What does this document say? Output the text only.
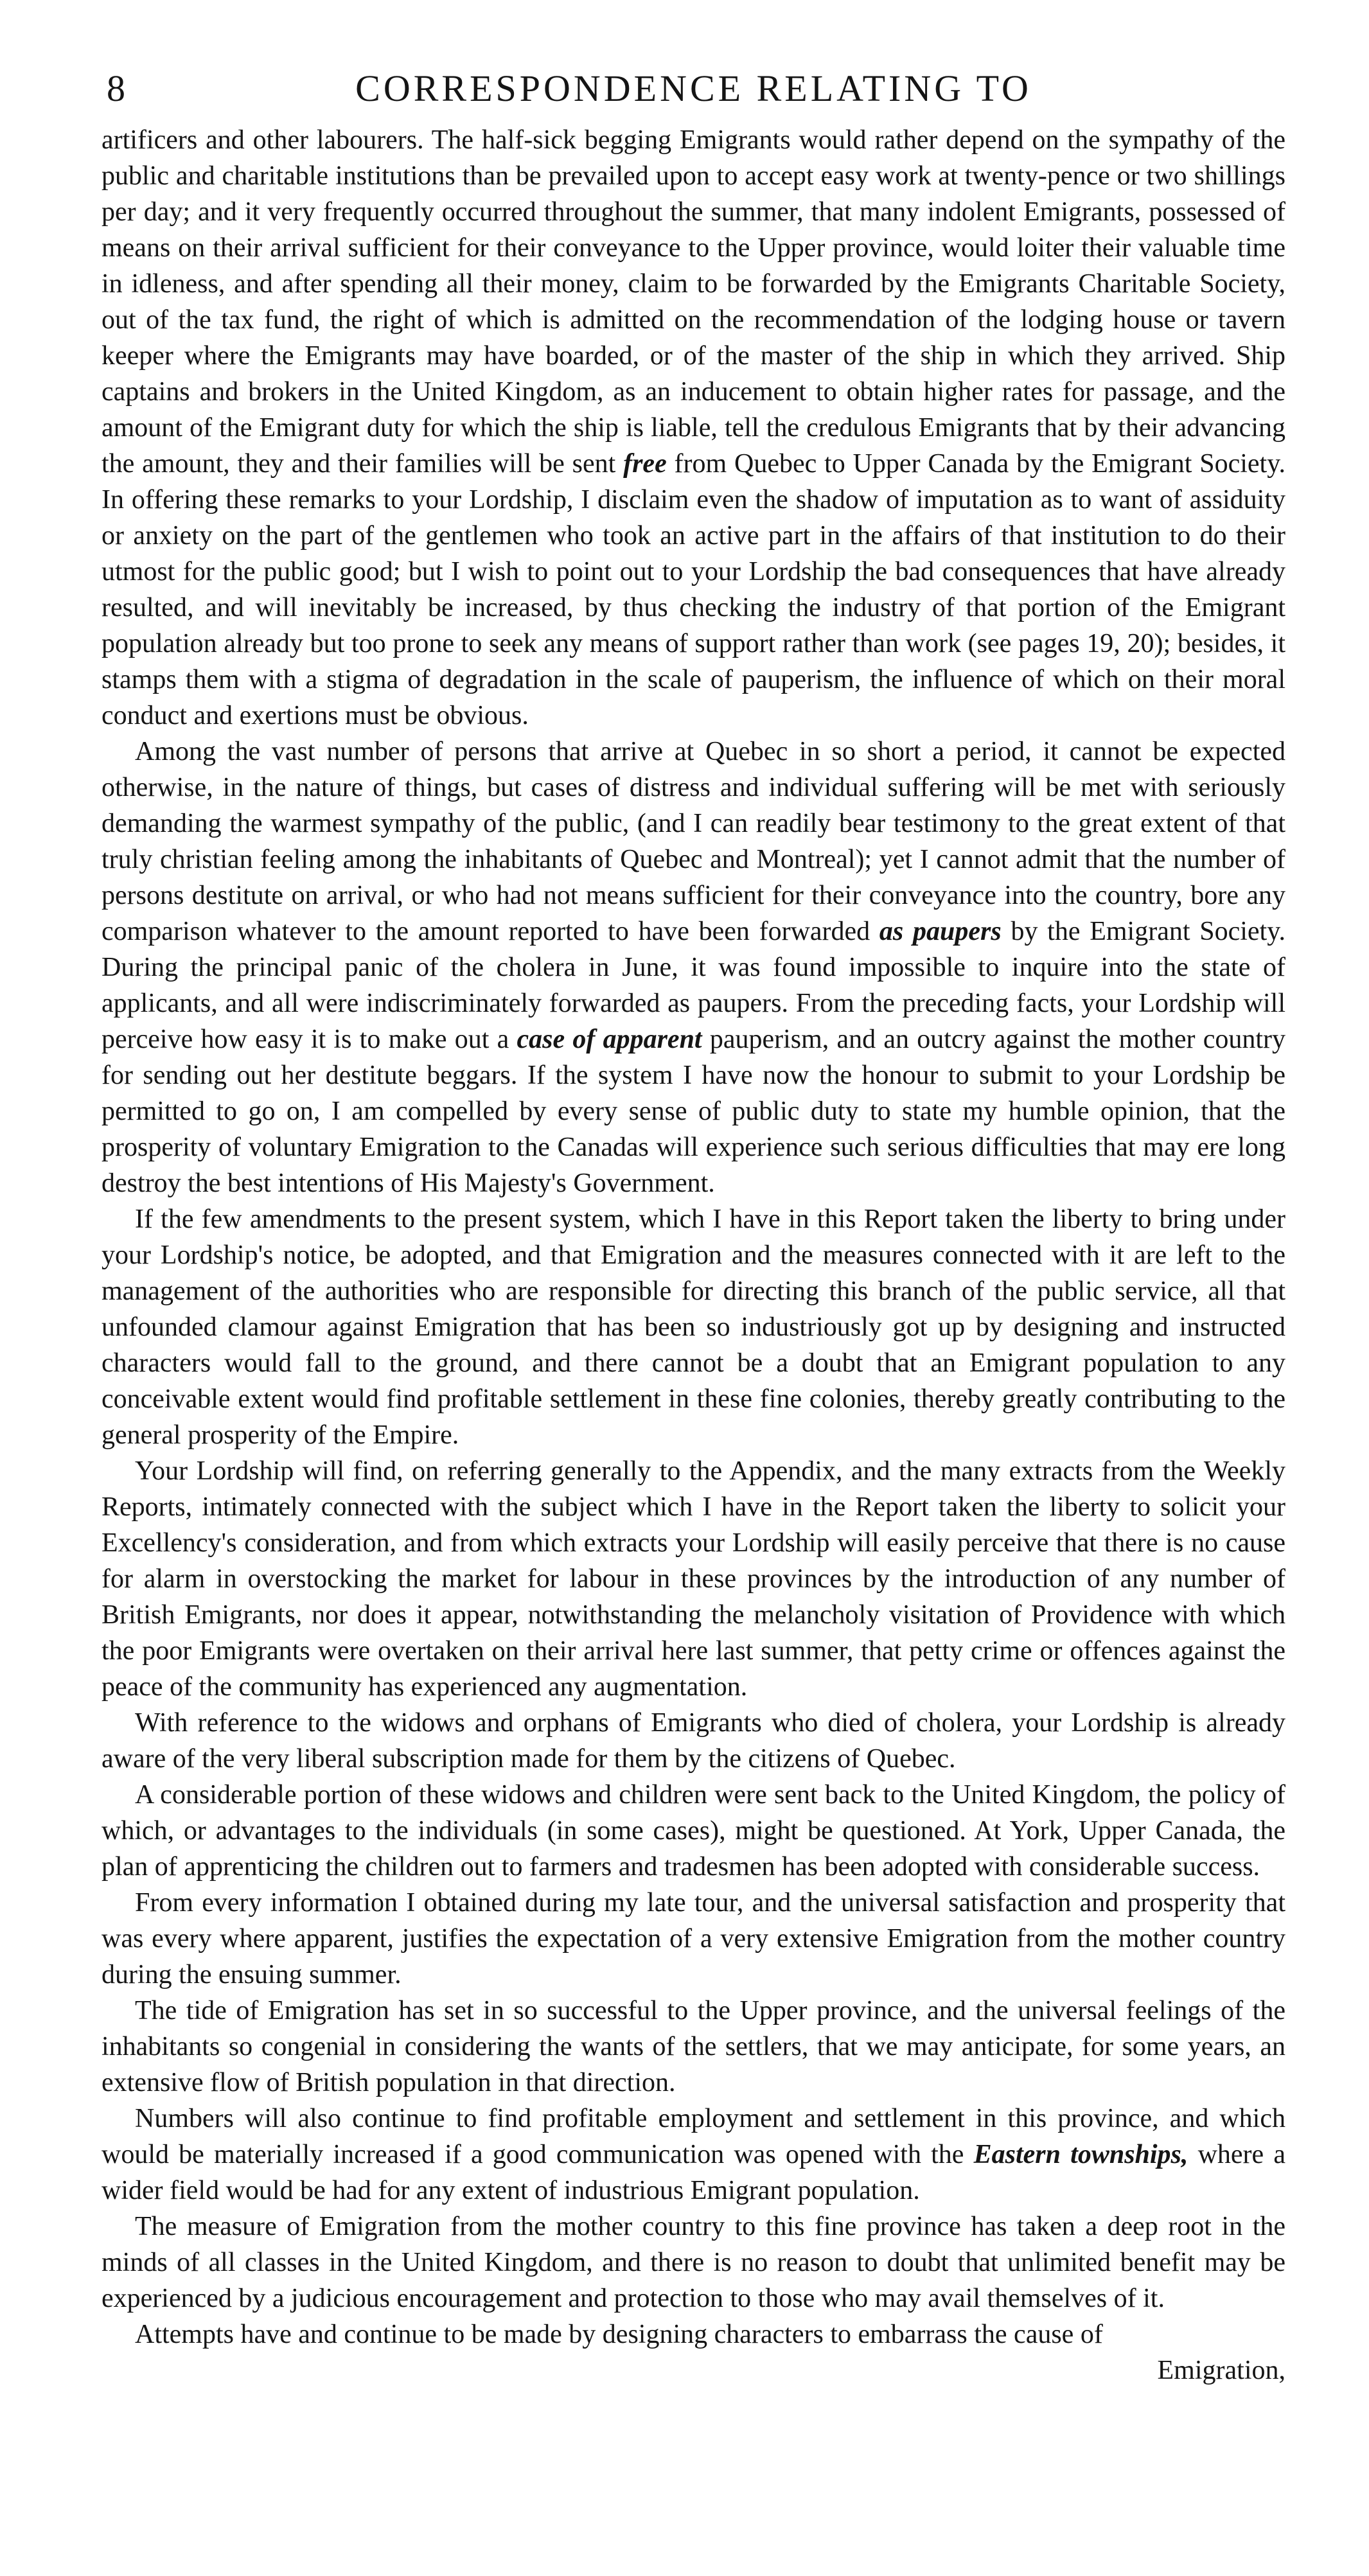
8	CORRESPONDENCE RELATING TO

artificers and other labourers. The half-sick begging Emigrants would rather depend on the sympathy of the public and charitable institutions than be prevailed upon to accept easy work at twenty-pence or two shillings per day; and it very frequently occurred throughout the summer, that many indolent Emigrants, possessed of means on their arrival sufficient for their conveyance to the Upper province, would loiter their valuable time in idleness, and after spending all their money, claim to be forwarded by the Emigrants Charitable Society, out of the tax fund, the right of which is admitted on the recommendation of the lodging house or tavern keeper where the Emigrants may have boarded, or of the master of the ship in which they arrived. Ship captains and brokers in the United Kingdom, as an inducement to obtain higher rates for passage, and the amount of the Emigrant duty for which the ship is liable, tell the credulous Emigrants that by their advancing the amount, they and their families will be sent free from Quebec to Upper Canada by the Emigrant Society. In offering these remarks to your Lordship, I disclaim even the shadow of imputation as to want of assiduity or anxiety on the part of the gentlemen who took an active part in the affairs of that institution to do their utmost for the public good; but I wish to point out to your Lordship the bad consequences that have already resulted, and will inevitably be increased, by thus checking the industry of that portion of the Emigrant population already but too prone to seek any means of support rather than work (see pages 19, 20); besides, it stamps them with a stigma of degradation in the scale of pauperism, the influence of which on their moral conduct and exertions must be obvious.

Among the vast number of persons that arrive at Quebec in so short a period, it cannot be expected otherwise, in the nature of things, but cases of distress and individual suffering will be met with seriously demanding the warmest sympathy of the public, (and I can readily bear testimony to the great extent of that truly christian feeling among the inhabitants of Quebec and Montreal); yet I cannot admit that the number of persons destitute on arrival, or who had not means sufficient for their conveyance into the country, bore any comparison whatever to the amount reported to have been forwarded as paupers by the Emigrant Society. During the principal panic of the cholera in June, it was found impossible to inquire into the state of applicants, and all were indiscriminately forwarded as paupers. From the preceding facts, your Lordship will perceive how easy it is to make out a case of apparent pauperism, and an outcry against the mother country for sending out her destitute beggars. If the system I have now the honour to submit to your Lordship be permitted to go on, I am compelled by every sense of public duty to state my humble opinion, that the prosperity of voluntary Emigration to the Canadas will experience such serious difficulties that may ere long destroy the best intentions of His Majesty's Government.

If the few amendments to the present system, which I have in this Report taken the liberty to bring under your Lordship's notice, be adopted, and that Emigration and the measures connected with it are left to the management of the authorities who are responsible for directing this branch of the public service, all that unfounded clamour against Emigration that has been so industriously got up by designing and instructed characters would fall to the ground, and there cannot be a doubt that an Emigrant population to any conceivable extent would find profitable settlement in these fine colonies, thereby greatly contributing to the general prosperity of the Empire.

Your Lordship will find, on referring generally to the Appendix, and the many extracts from the Weekly Reports, intimately connected with the subject which I have in the Report taken the liberty to solicit your Excellency's consideration, and from which extracts your Lordship will easily perceive that there is no cause for alarm in overstocking the market for labour in these provinces by the introduction of any number of British Emigrants, nor does it appear, notwithstanding the melancholy visitation of Providence with which the poor Emigrants were overtaken on their arrival here last summer, that petty crime or offences against the peace of the community has experienced any augmentation.

With reference to the widows and orphans of Emigrants who died of cholera, your Lordship is already aware of the very liberal subscription made for them by the citizens of Quebec.

A considerable portion of these widows and children were sent back to the United Kingdom, the policy of which, or advantages to the individuals (in some cases), might be questioned. At York, Upper Canada, the plan of apprenticing the children out to farmers and tradesmen has been adopted with considerable success.

From every information I obtained during my late tour, and the universal satisfaction and prosperity that was every where apparent, justifies the expectation of a very extensive Emigration from the mother country during the ensuing summer.

The tide of Emigration has set in so successful to the Upper province, and the universal feelings of the inhabitants so congenial in considering the wants of the settlers, that we may anticipate, for some years, an extensive flow of British population in that direction.

Numbers will also continue to find profitable employment and settlement in this province, and which would be materially increased if a good communication was opened with the Eastern townships, where a wider field would be had for any extent of industrious Emigrant population.

The measure of Emigration from the mother country to this fine province has taken a deep root in the minds of all classes in the United Kingdom, and there is no reason to doubt that unlimited benefit may be experienced by a judicious encouragement and protection to those who may avail themselves of it.

Attempts have and continue to be made by designing characters to embarrass the cause of

Emigration,
